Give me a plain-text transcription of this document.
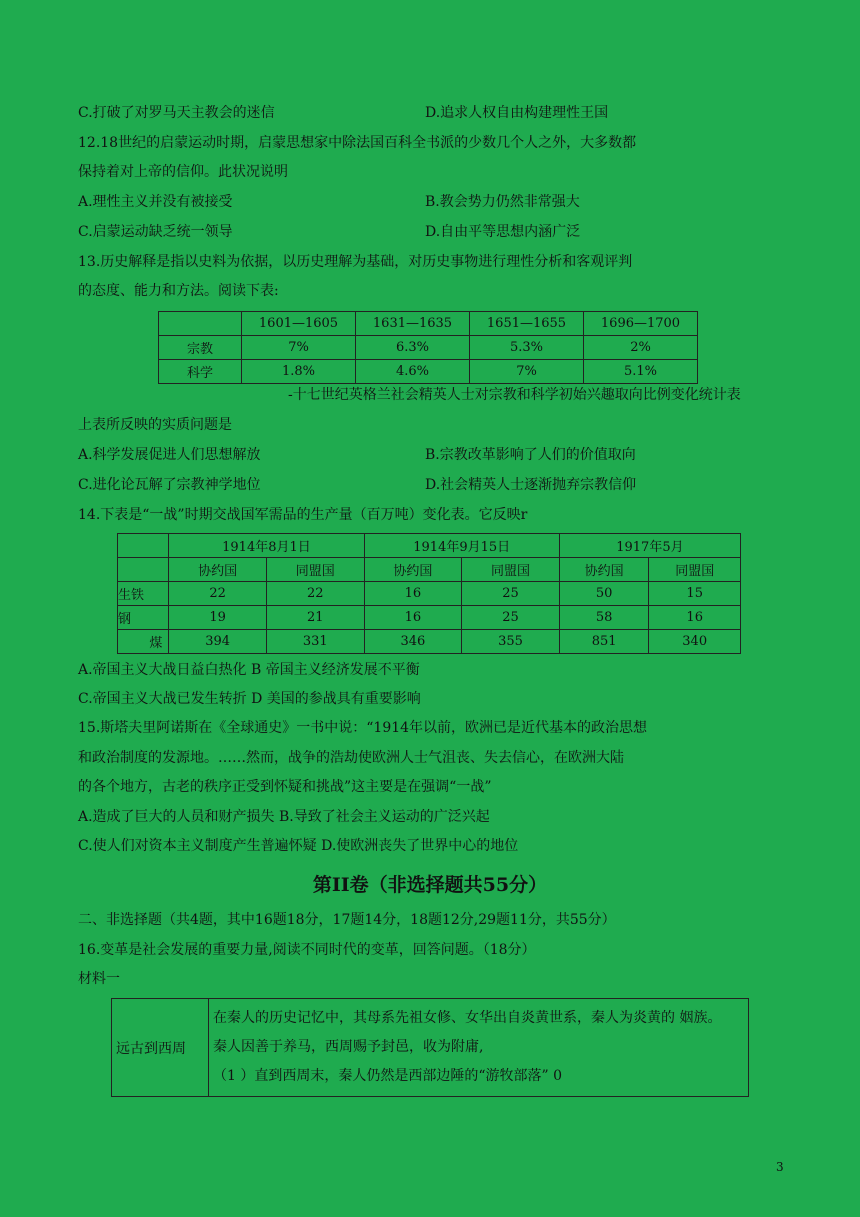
C.打破了对罗马天主教会的迷信	D.追求人权自由构建理性王国
12.18世纪的启蒙运动时期，启蒙思想家中除法国百科全书派的少数几个人之外，大多数都
保持着对上帝的信仰。此状况说明
A.理性主义并没有被接受	B.教会势力仍然非常强大
C.启蒙运动缺乏统一领导	D.自由平等思想内涵广泛
13.历史解释是指以史料为依据，以历史理解为基础，对历史事物进行理性分析和客观评判
的态度、能力和方法。阅读下表:
	1601—1605	1631—1635	1651—1655	1696—1700
宗教	7%	6.3%	5.3%	2%
科学	1.8%	4.6%	7%	5.1%
-十七世纪英格兰社会精英人士对宗教和科学初始兴趣取向比例变化统计表
上表所反映的实质问题是
A.科学发展促进人们思想解放	B.宗教改革影响了人们的价值取向
C.进化论瓦解了宗教神学地位	D.社会精英人士逐渐抛弃宗教信仰
14.下表是“一战”时期交战国军需品的生产量（百万吨）变化表。它反映r
	1914年8月1日		1914年9月15日		1917年5月	
	协约国	同盟国	协约国	同盟国	协约国	同盟国
生铁	22	22	16	25	50	15
钢	19	21	16	25	58	16
煤	394	331	346	355	851	340
A.帝国主义大战日益白热化 B 帝国主义经济发展不平衡
C.帝国主义大战已发生转折 D 美国的参战具有重要影响
15.斯塔夫里阿诺斯在《全球通史》一书中说：“1914年以前，欧洲已是近代基本的政治思想
和政治制度的发源地。……然而，战争的浩劫使欧洲人士气沮丧、失去信心，在欧洲大陆
的各个地方，古老的秩序正受到怀疑和挑战”这主要是在强调“一战”
A.造成了巨大的人员和财产损失 B.导致了社会主义运动的广泛兴起
C.使人们对资本主义制度产生普遍怀疑 D.使欧洲丧失了世界中心的地位
第II卷（非选择题共55分）
二、非选择题（共4题，其中16题18分，17题14分，18题12分,29题11分，共55分）
16.变革是社会发展的重要力量,阅读不同时代的变革，回答问题。（18分）
材料一
远古到西周	
在秦人的历史记忆中，其母系先祖女修、女华出自炎黄世系，秦人为炎黄的 姻族。
秦人因善于养马，西周赐予封邑，收为附庸,
（1 ）直到西周末，秦人仍然是西部边陲的“游牧部落” 0
3
